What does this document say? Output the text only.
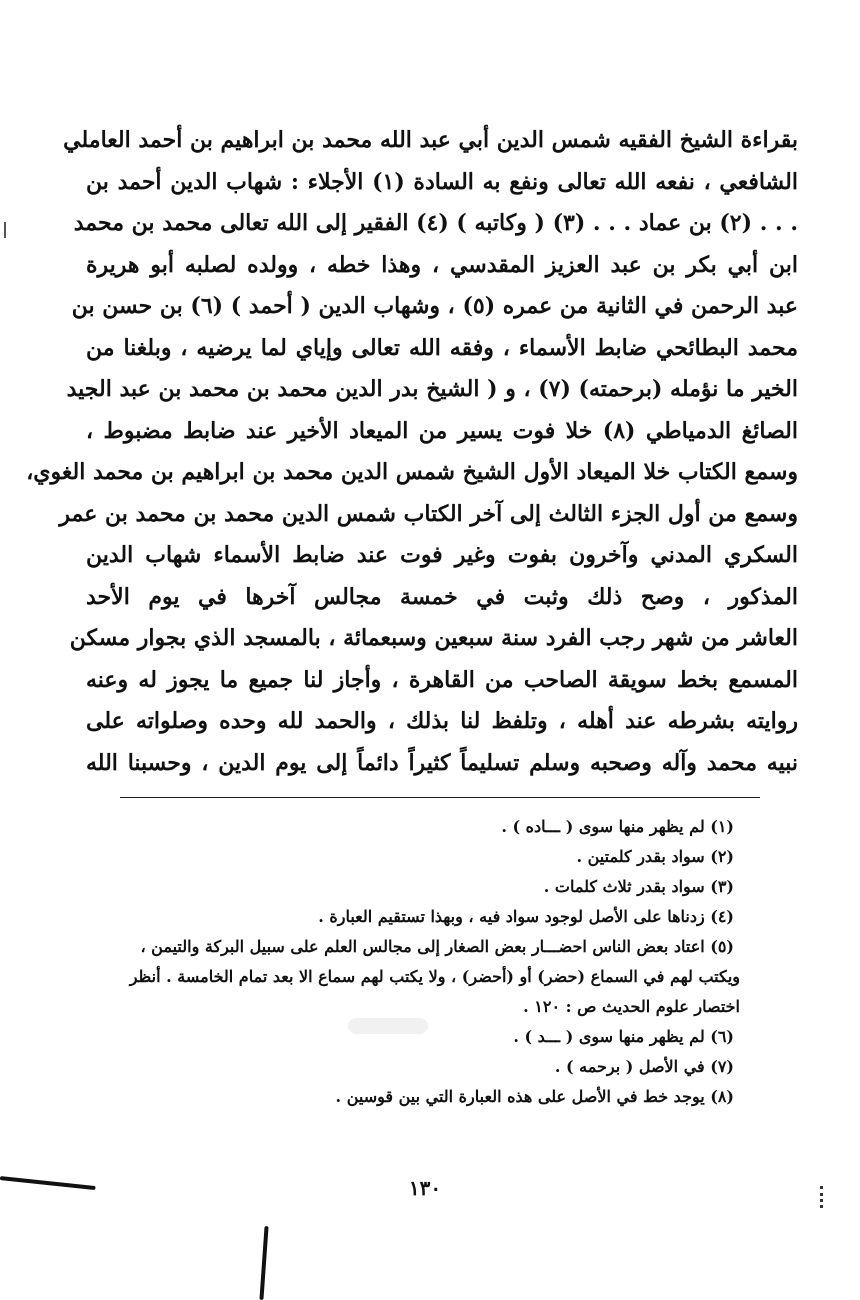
بقراءة الشيخ الفقيه شمس الدين أبي عبد الله محمد بن ابراهيم بن أحمد العاملي
الشافعي ، نفعه الله تعالى ونفع به السادة (١) الأجلاء : شهاب الدين أحمد بن
. . . (٢) بن عماد . . . (٣) ( وكاتبه ) (٤) الفقير إلى الله تعالى محمد بن محمد
ابن أبي بكر بن عبد العزيز المقدسي ، وهذا خطه ، وولده لصلبه أبو هريرة
عبد الرحمن في الثانية من عمره (٥) ، وشهاب الدين ( أحمد ) (٦) بن حسن بن
محمد البطائحي ضابط الأسماء ، وفقه الله تعالى وإياي لما يرضيه ، وبلغنا من
الخير ما نؤمله (برحمته) (٧) ، و ( الشيخ بدر الدين محمد بن محمد بن عبد الجيد
الصائغ الدمياطي (٨) خلا فوت يسير من الميعاد الأخير عند ضابط مضبوط ،
وسمع الكتاب خلا الميعاد الأول الشيخ شمس الدين محمد بن ابراهيم بن محمد الغوي،
وسمع من أول الجزء الثالث إلى آخر الكتاب شمس الدين محمد بن محمد بن عمر
السكري المدني وآخرون بفوت وغير فوت عند ضابط الأسماء شهاب الدين
المذكور ، وصح ذلك وثبت في خمسة مجالس آخرها في يوم الأحد
العاشر من شهر رجب الفرد سنة سبعين وسبعمائة ، بالمسجد الذي بجوار مسكن
المسمع بخط سويقة الصاحب من القاهرة ، وأجاز لنا جميع ما يجوز له وعنه
روايته بشرطه عند أهله ، وتلفظ لنا بذلك ، والحمد لله وحده وصلواته على
نبيه محمد وآله وصحبه وسلم تسليماً كثيراً دائماً إلى يوم الدين ، وحسبنا الله
(١) لم يظهر منها سوى ( ـــاده ) .
(٢) سواد بقدر كلمتين .
(٣) سواد بقدر ثلاث كلمات .
(٤) زدناها على الأصل لوجود سواد فيه ، وبهذا تستقيم العبارة .
(٥) اعتاد بعض الناس احضـــار بعض الصغار إلى مجالس العلم على سبيل البركة والتيمن ،
ويكتب لهم في السماع (حضر) أو (أحضر) ، ولا يكتب لهم سماع الا بعد تمام الخامسة . أنظر
اختصار علوم الحديث ص : ١٢٠ .
(٦) لم يظهر منها سوى ( ـــد ) .
(٧) في الأصل ( برحمه ) .
(٨) يوجد خط في الأصل على هذه العبارة التي بين قوسين .
١٣٠
